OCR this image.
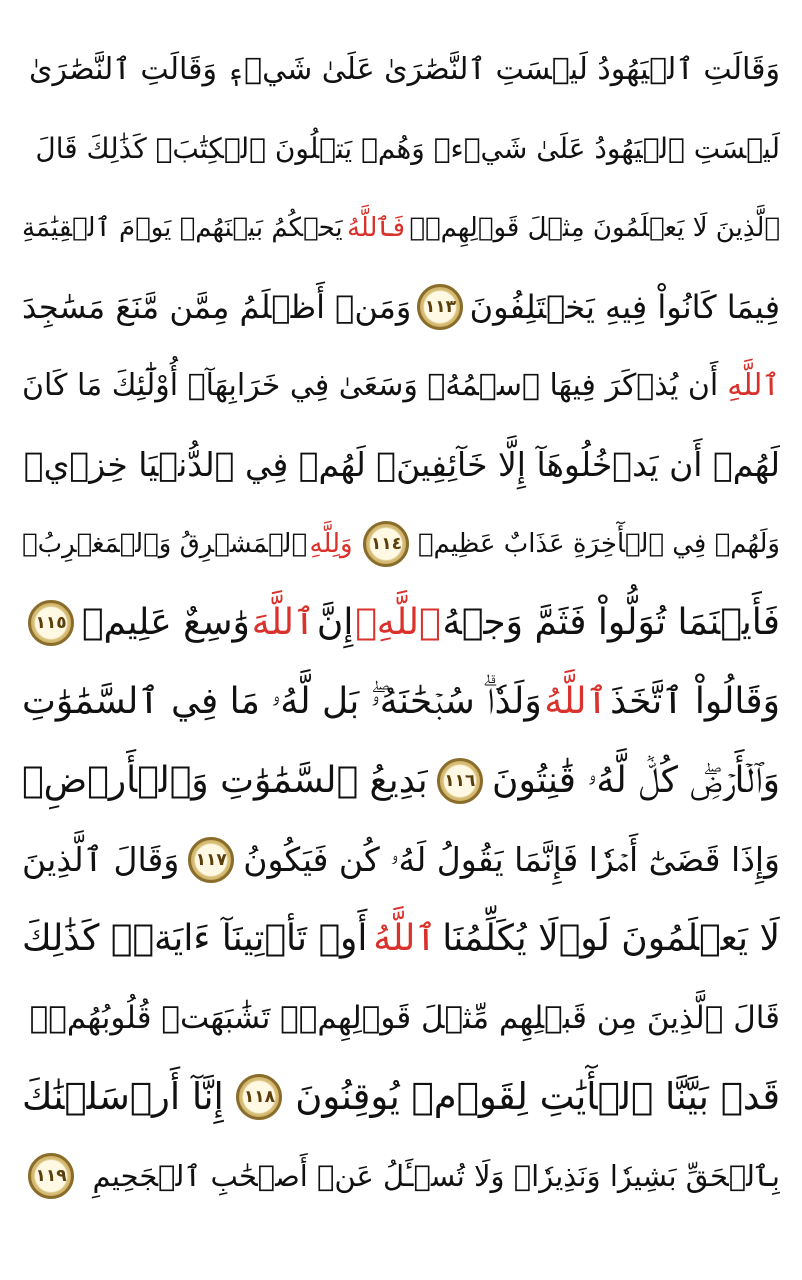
وَقَالَتِ ٱلۡيَهُودُ لَيۡسَتِ ٱلنَّصَٰرَىٰ عَلَىٰ شَيۡءٖ وَقَالَتِ ٱلنَّصَٰرَىٰ
لَيۡسَتِ ٱلۡيَهُودُ عَلَىٰ شَيۡءٖ وَهُمۡ يَتۡلُونَ ٱلۡكِتَٰبَۗ كَذَٰلِكَ قَالَ
ٱلَّذِينَ لَا يَعۡلَمُونَ مِثۡلَ قَوۡلِهِمۡۚ
فَٱللَّهُ
يَحۡكُمُ بَيۡنَهُمۡ يَوۡمَ ٱلۡقِيَٰمَةِ
فِيمَا كَانُواْ فِيهِ يَخۡتَلِفُونَ
١١٣
وَمَنۡ أَظۡلَمُ مِمَّن مَّنَعَ مَسَٰجِدَ
ٱللَّهِ
أَن يُذۡكَرَ فِيهَا ٱسۡمُهُۥ وَسَعَىٰ فِي خَرَابِهَآۚ أُوْلَٰٓئِكَ مَا كَانَ
لَهُمۡ أَن يَدۡخُلُوهَآ إِلَّا خَآئِفِينَۚ لَهُمۡ فِي ٱلدُّنۡيَا خِزۡيٞ
وَلَهُمۡ فِي ٱلۡأٓخِرَةِ عَذَابٌ عَظِيمٞ
١١٤
وَلِلَّهِ
ٱلۡمَشۡرِقُ وَٱلۡمَغۡرِبُۚ
فَأَيۡنَمَا تُوَلُّواْ فَثَمَّ وَجۡهُ
ٱللَّهِۚ
إِنَّ
ٱللَّهَ
وَٰسِعٌ عَلِيمٞ
١١٥
وَقَالُواْ ٱتَّخَذَ
ٱللَّهُ
وَلَدٗاۗ سُبۡحَٰنَهُۥۖ بَل لَّهُۥ مَا فِي ٱلسَّمَٰوَٰتِ
وَٱلۡأَرۡضِۖ كُلّٞ لَّهُۥ قَٰنِتُونَ
١١٦
بَدِيعُ ٱلسَّمَٰوَٰتِ وَٱلۡأَرۡضِۖ
وَإِذَا قَضَىٰٓ أَمۡرٗا فَإِنَّمَا يَقُولُ لَهُۥ كُن فَيَكُونُ
١١٧
وَقَالَ ٱلَّذِينَ
لَا يَعۡلَمُونَ لَوۡلَا يُكَلِّمُنَا
ٱللَّهُ
أَوۡ تَأۡتِينَآ ءَايَةٞۗ كَذَٰلِكَ
قَالَ ٱلَّذِينَ مِن قَبۡلِهِم مِّثۡلَ قَوۡلِهِمۡۘ تَشَٰبَهَتۡ قُلُوبُهُمۡۗ
قَدۡ بَيَّنَّا ٱلۡأٓيَٰتِ لِقَوۡمٖ يُوقِنُونَ
١١٨
إِنَّآ أَرۡسَلۡنَٰكَ
بِٱلۡحَقِّ بَشِيرٗا وَنَذِيرٗاۖ وَلَا تُسۡـَٔلُ عَنۡ أَصۡحَٰبِ ٱلۡجَحِيمِ
١١٩
